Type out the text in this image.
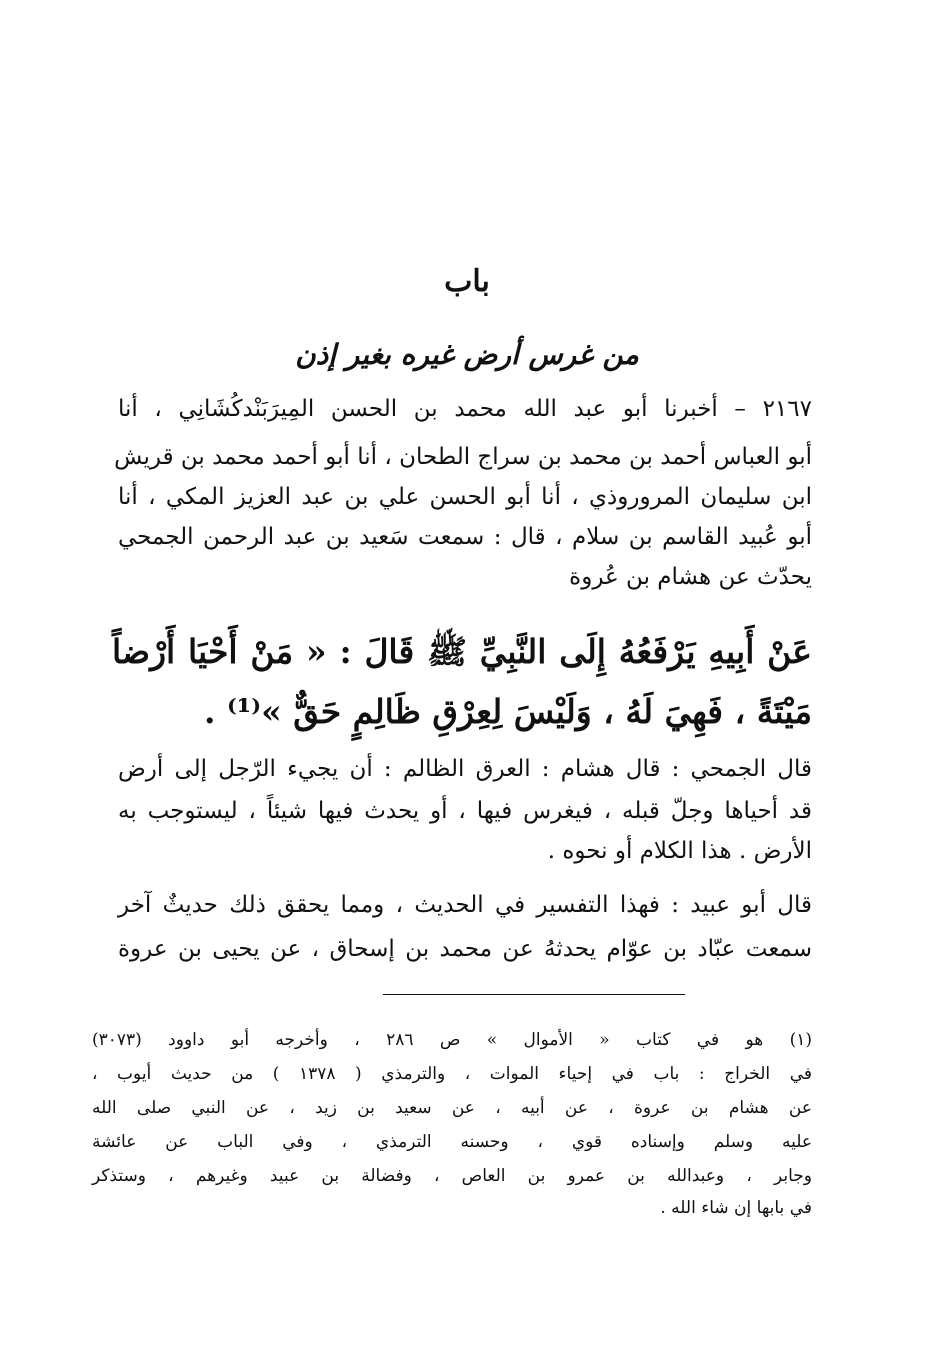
باب
من غرس أرض غيره بغير إذن
٢١٦٧ – أخبرنا أبو عبد الله محمد بن الحسن المِيرَبَنْدكُشَانِي ، أنا
أبو العباس أحمد بن محمد بن سراج الطحان ، أنا أبو أحمد محمد بن قريش
ابن سليمان المروروذي ، أنا أبو الحسن علي بن عبد العزيز المكي ، أنا
أبو عُبيد القاسم بن سلام ، قال : سمعت سَعيد بن عبد الرحمن الجمحي
يحدّث عن هشام بن عُروة
عَنْ أَبِيهِ يَرْفَعُهُ إِلَى النَّبِيِّ ﷺ قَالَ : « مَنْ أَحْيَا أَرْضاً
مَيْتَةً ، فَهِيَ لَهُ ، وَلَيْسَ لِعِرْقِ ظَالِمٍ حَقٌّ »⁽¹⁾ .
قال الجمحي : قال هشام : العرق الظالم : أن يجيء الرّجل إلى أرض
قد أحياها وجلّ قبله ، فيغرس فيها ، أو يحدث فيها شيئاً ، ليستوجب به
الأرض . هذا الكلام أو نحوه .
قال أبو عبيد : فهذا التفسير في الحديث ، ومما يحقق ذلك حديثٌ آخر
سمعت عبّاد بن عوّام يحدثهُ عن محمد بن إسحاق ، عن يحيى بن عروة
(١) هو في كتاب « الأموال » ص ٢٨٦ ، وأخرجه أبو داوود (٣٠٧٣)
في الخراج : باب في إحياء الموات ، والترمذي ( ١٣٧٨ ) من حديث أيوب ،
عن هشام بن عروة ، عن أبيه ، عن سعيد بن زيد ، عن النبي صلى الله
عليه وسلم وإسناده قوي ، وحسنه الترمذي ، وفي الباب عن عائشة
وجابر ، وعبدالله بن عمرو بن العاص ، وفضالة بن عبيد وغيرهم ، وستذكر
في بابها إن شاء الله .
